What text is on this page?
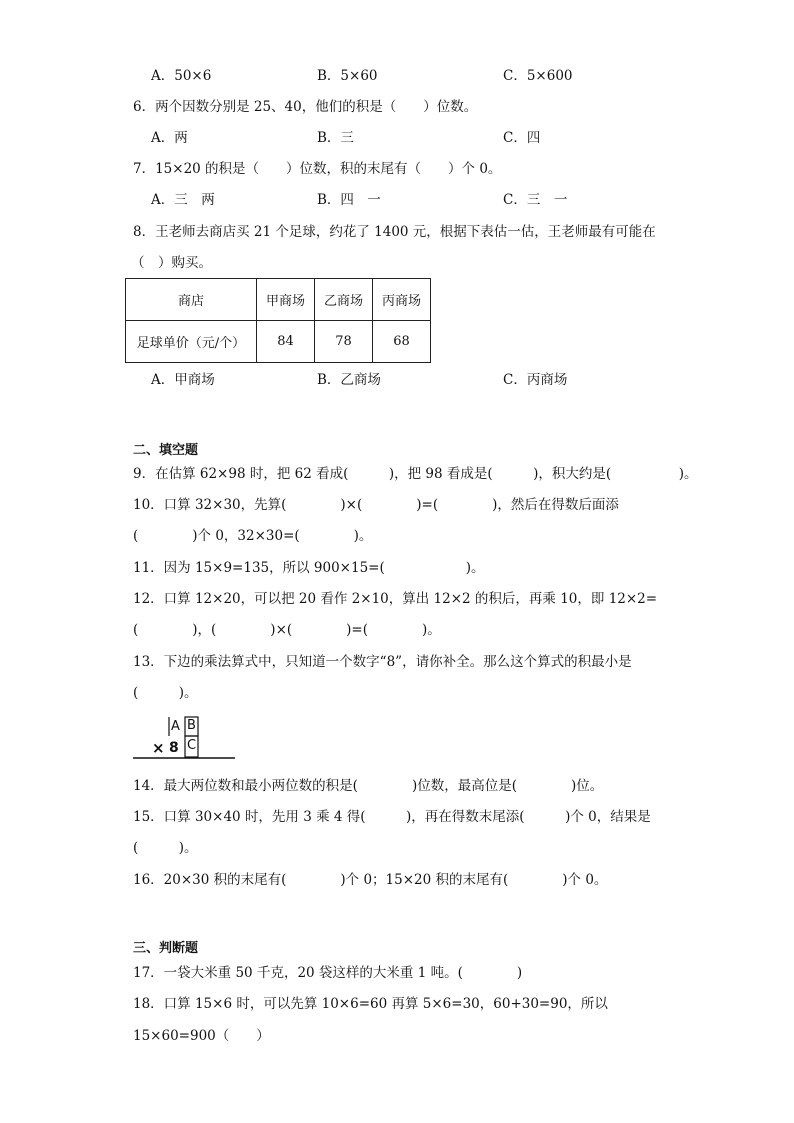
A．50×6	B．5×60	C．5×600
6．两个因数分别是 25、40，他们的积是（　　）位数。
A．两	B．三	C．四
7．15×20 的积是（　　）位数，积的末尾有（　　）个 0。
A．三　两	B．四　一	C．三　一
8．王老师去商店买 21 个足球，约花了 1400 元，根据下表估一估，王老师最有可能在
（　）购买。
商店	甲商场	乙商场	丙商场
足球单价（元/个）	84	78	68
A．甲商场	B．乙商场	C．丙商场
二、填空题
9．在估算 62×98 时，把 62 看成(　　　)，把 98 看成是(　　　)，积大约是(　　　　　)。
10．口算 32×30，先算(　　　　)×(　　　　)=(　　　　)，然后在得数后面添
(　　　　)个 0，32×30=(　　　　)。
11．因为 15×9=135，所以 900×15=(　　　　　　)。
12．口算 12×20，可以把 20 看作 2×10，算出 12×2 的积后，再乘 10，即 12×2=
(　　　　)，(　　　　)×(　　　　)=(　　　　)。
13．下边的乘法算式中，只知道一个数字“8”，请你补全。那么这个算式的积最小是
(　　　)。
A B
C
× 8
14．最大两位数和最小两位数的积是(　　　　)位数，最高位是(　　　　)位。
15．口算 30×40 时，先用 3 乘 4 得(　　　)，再在得数末尾添(　　　)个 0，结果是
(　　　)。
16．20×30 积的末尾有(　　　　)个 0；15×20 积的末尾有(　　　　)个 0。
三、判断题
17．一袋大米重 50 千克，20 袋这样的大米重 1 吨。(　　　　)
18．口算 15×6 时，可以先算 10×6=60 再算 5×6=30，60+30=90，所以
15×60=900（　　）
